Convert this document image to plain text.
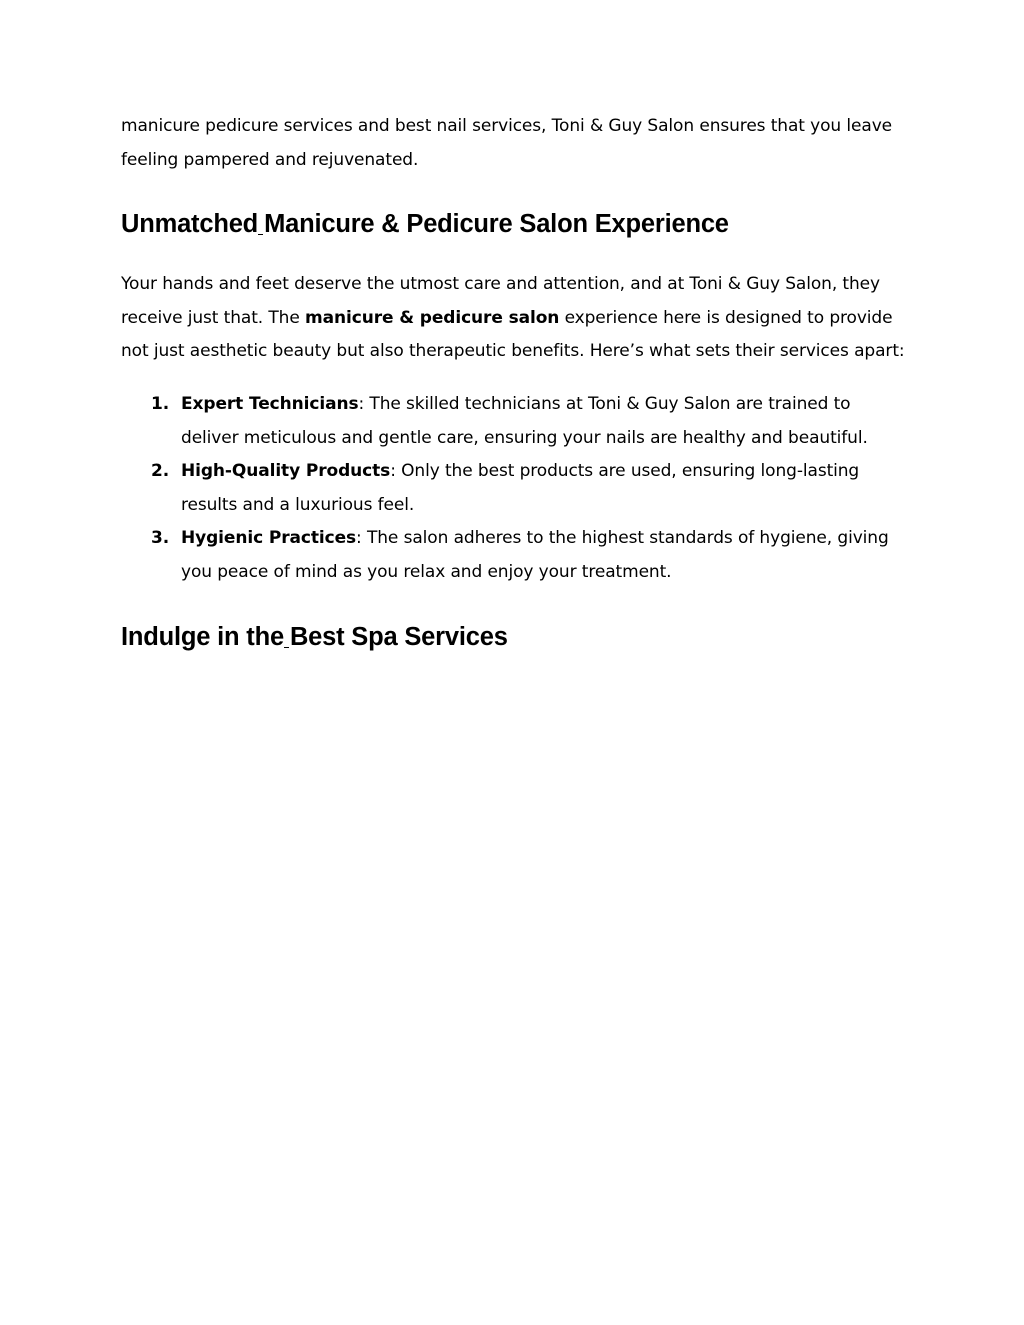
manicure pedicure services and best nail services, Toni & Guy Salon ensures that you leave feeling pampered and rejuvenated.

Unmatched Manicure & Pedicure Salon Experience

Your hands and feet deserve the utmost care and attention, and at Toni & Guy Salon, they receive just that. The manicure & pedicure salon experience here is designed to provide not just aesthetic beauty but also therapeutic benefits. Here’s what sets their services apart:

1. Expert Technicians: The skilled technicians at Toni & Guy Salon are trained to deliver meticulous and gentle care, ensuring your nails are healthy and beautiful.
2. High-Quality Products: Only the best products are used, ensuring long-lasting results and a luxurious feel.
3. Hygienic Practices: The salon adheres to the highest standards of hygiene, giving you peace of mind as you relax and enjoy your treatment.
Indulge in the Best Spa Services
